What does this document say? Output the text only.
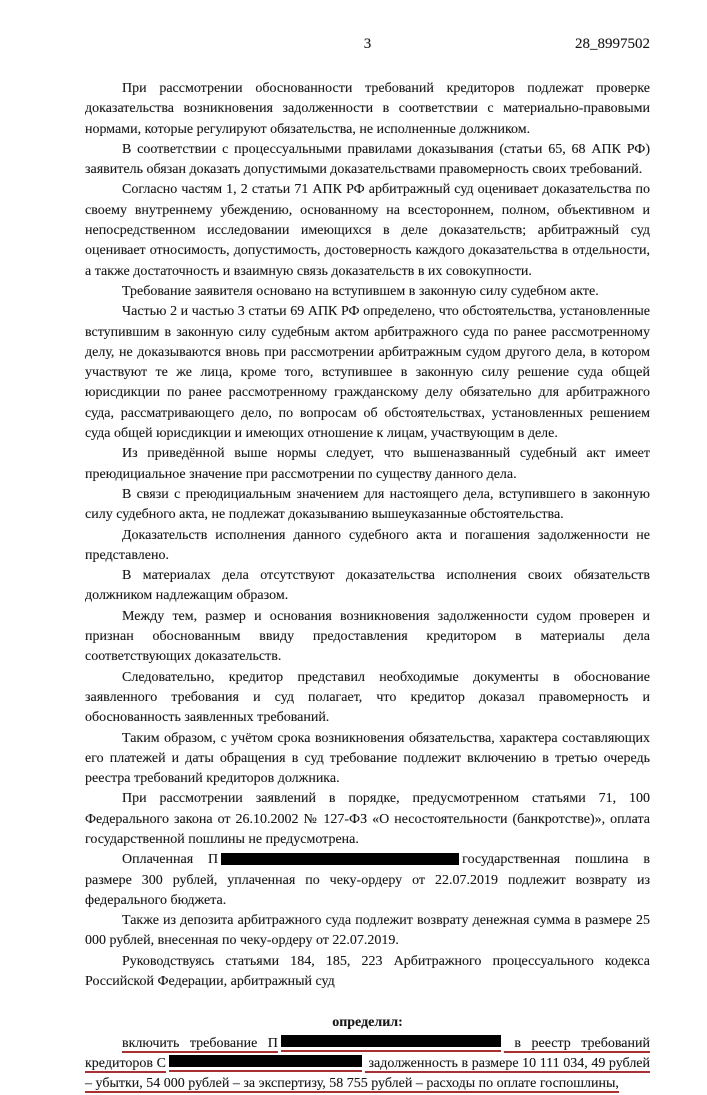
3	28_8997502

При рассмотрении обоснованности требований кредиторов подлежат проверке доказательства возникновения задолженности в соответствии с материально-правовыми нормами, которые регулируют обязательства, не исполненные должником.

В соответствии с процессуальными правилами доказывания (статьи 65, 68 АПК РФ) заявитель обязан доказать допустимыми доказательствами правомерность своих требований.

Согласно частям 1, 2 статьи 71 АПК РФ арбитражный суд оценивает доказательства по своему внутреннему убеждению, основанному на всестороннем, полном, объективном и непосредственном исследовании имеющихся в деле доказательств; арбитражный суд оценивает относимость, допустимость, достоверность каждого доказательства в отдельности, а также достаточность и взаимную связь доказательств в их совокупности.

Требование заявителя основано на вступившем в законную силу судебном акте.

Частью 2 и частью 3 статьи 69 АПК РФ определено, что обстоятельства, установленные вступившим в законную силу судебным актом арбитражного суда по ранее рассмотренному делу, не доказываются вновь при рассмотрении арбитражным судом другого дела, в котором участвуют те же лица, кроме того, вступившее в законную силу решение суда общей юрисдикции по ранее рассмотренному гражданскому делу обязательно для арбитражного суда, рассматривающего дело, по вопросам об обстоятельствах, установленных решением суда общей юрисдикции и имеющих отношение к лицам, участвующим в деле.

Из приведённой выше нормы следует, что вышеназванный судебный акт имеет преюдициальное значение при рассмотрении по существу данного дела.

В связи с преюдициальным значением для настоящего дела, вступившего в законную силу судебного акта, не подлежат доказыванию вышеуказанные обстоятельства.

Доказательств исполнения данного судебного акта и погашения задолженности не представлено.

В материалах дела отсутствуют доказательства исполнения своих обязательств должником надлежащим образом.

Между тем, размер и основания возникновения задолженности судом проверен и признан обоснованным ввиду предоставления кредитором в материалы дела соответствующих доказательств.

Следовательно, кредитор представил необходимые документы в обоснование заявленного требования и суд полагает, что кредитор доказал правомерность и обоснованность заявленных требований.

Таким образом, с учётом срока возникновения обязательства, характера составляющих его платежей и даты обращения в суд требование подлежит включению в третью очередь реестра требований кредиторов должника.

При рассмотрении заявлений в порядке, предусмотренном статьями 71, 100 Федерального закона от 26.10.2002 № 127-ФЗ «О несостоятельности (банкротстве)», оплата государственной пошлины не предусмотрена.

Оплаченная П	государственная пошлина в размере 300 рублей, уплаченная по чеку-ордеру от 22.07.2019 подлежит возврату из федерального бюджета.

Также из депозита арбитражного суда подлежит возврату денежная сумма в размере 25 000 рублей, внесенная по чеку-ордеру от 22.07.2019.

Руководствуясь статьями 184, 185, 223 Арбитражного процессуального кодекса Российской Федерации, арбитражный суд

определил:

включить требование П	в реестр требований кредиторов С	задолженность в размере 10 111 034, 49 рублей – убытки, 54 000 рублей – за экспертизу, 58 755 рублей – расходы по оплате госпошлины,
